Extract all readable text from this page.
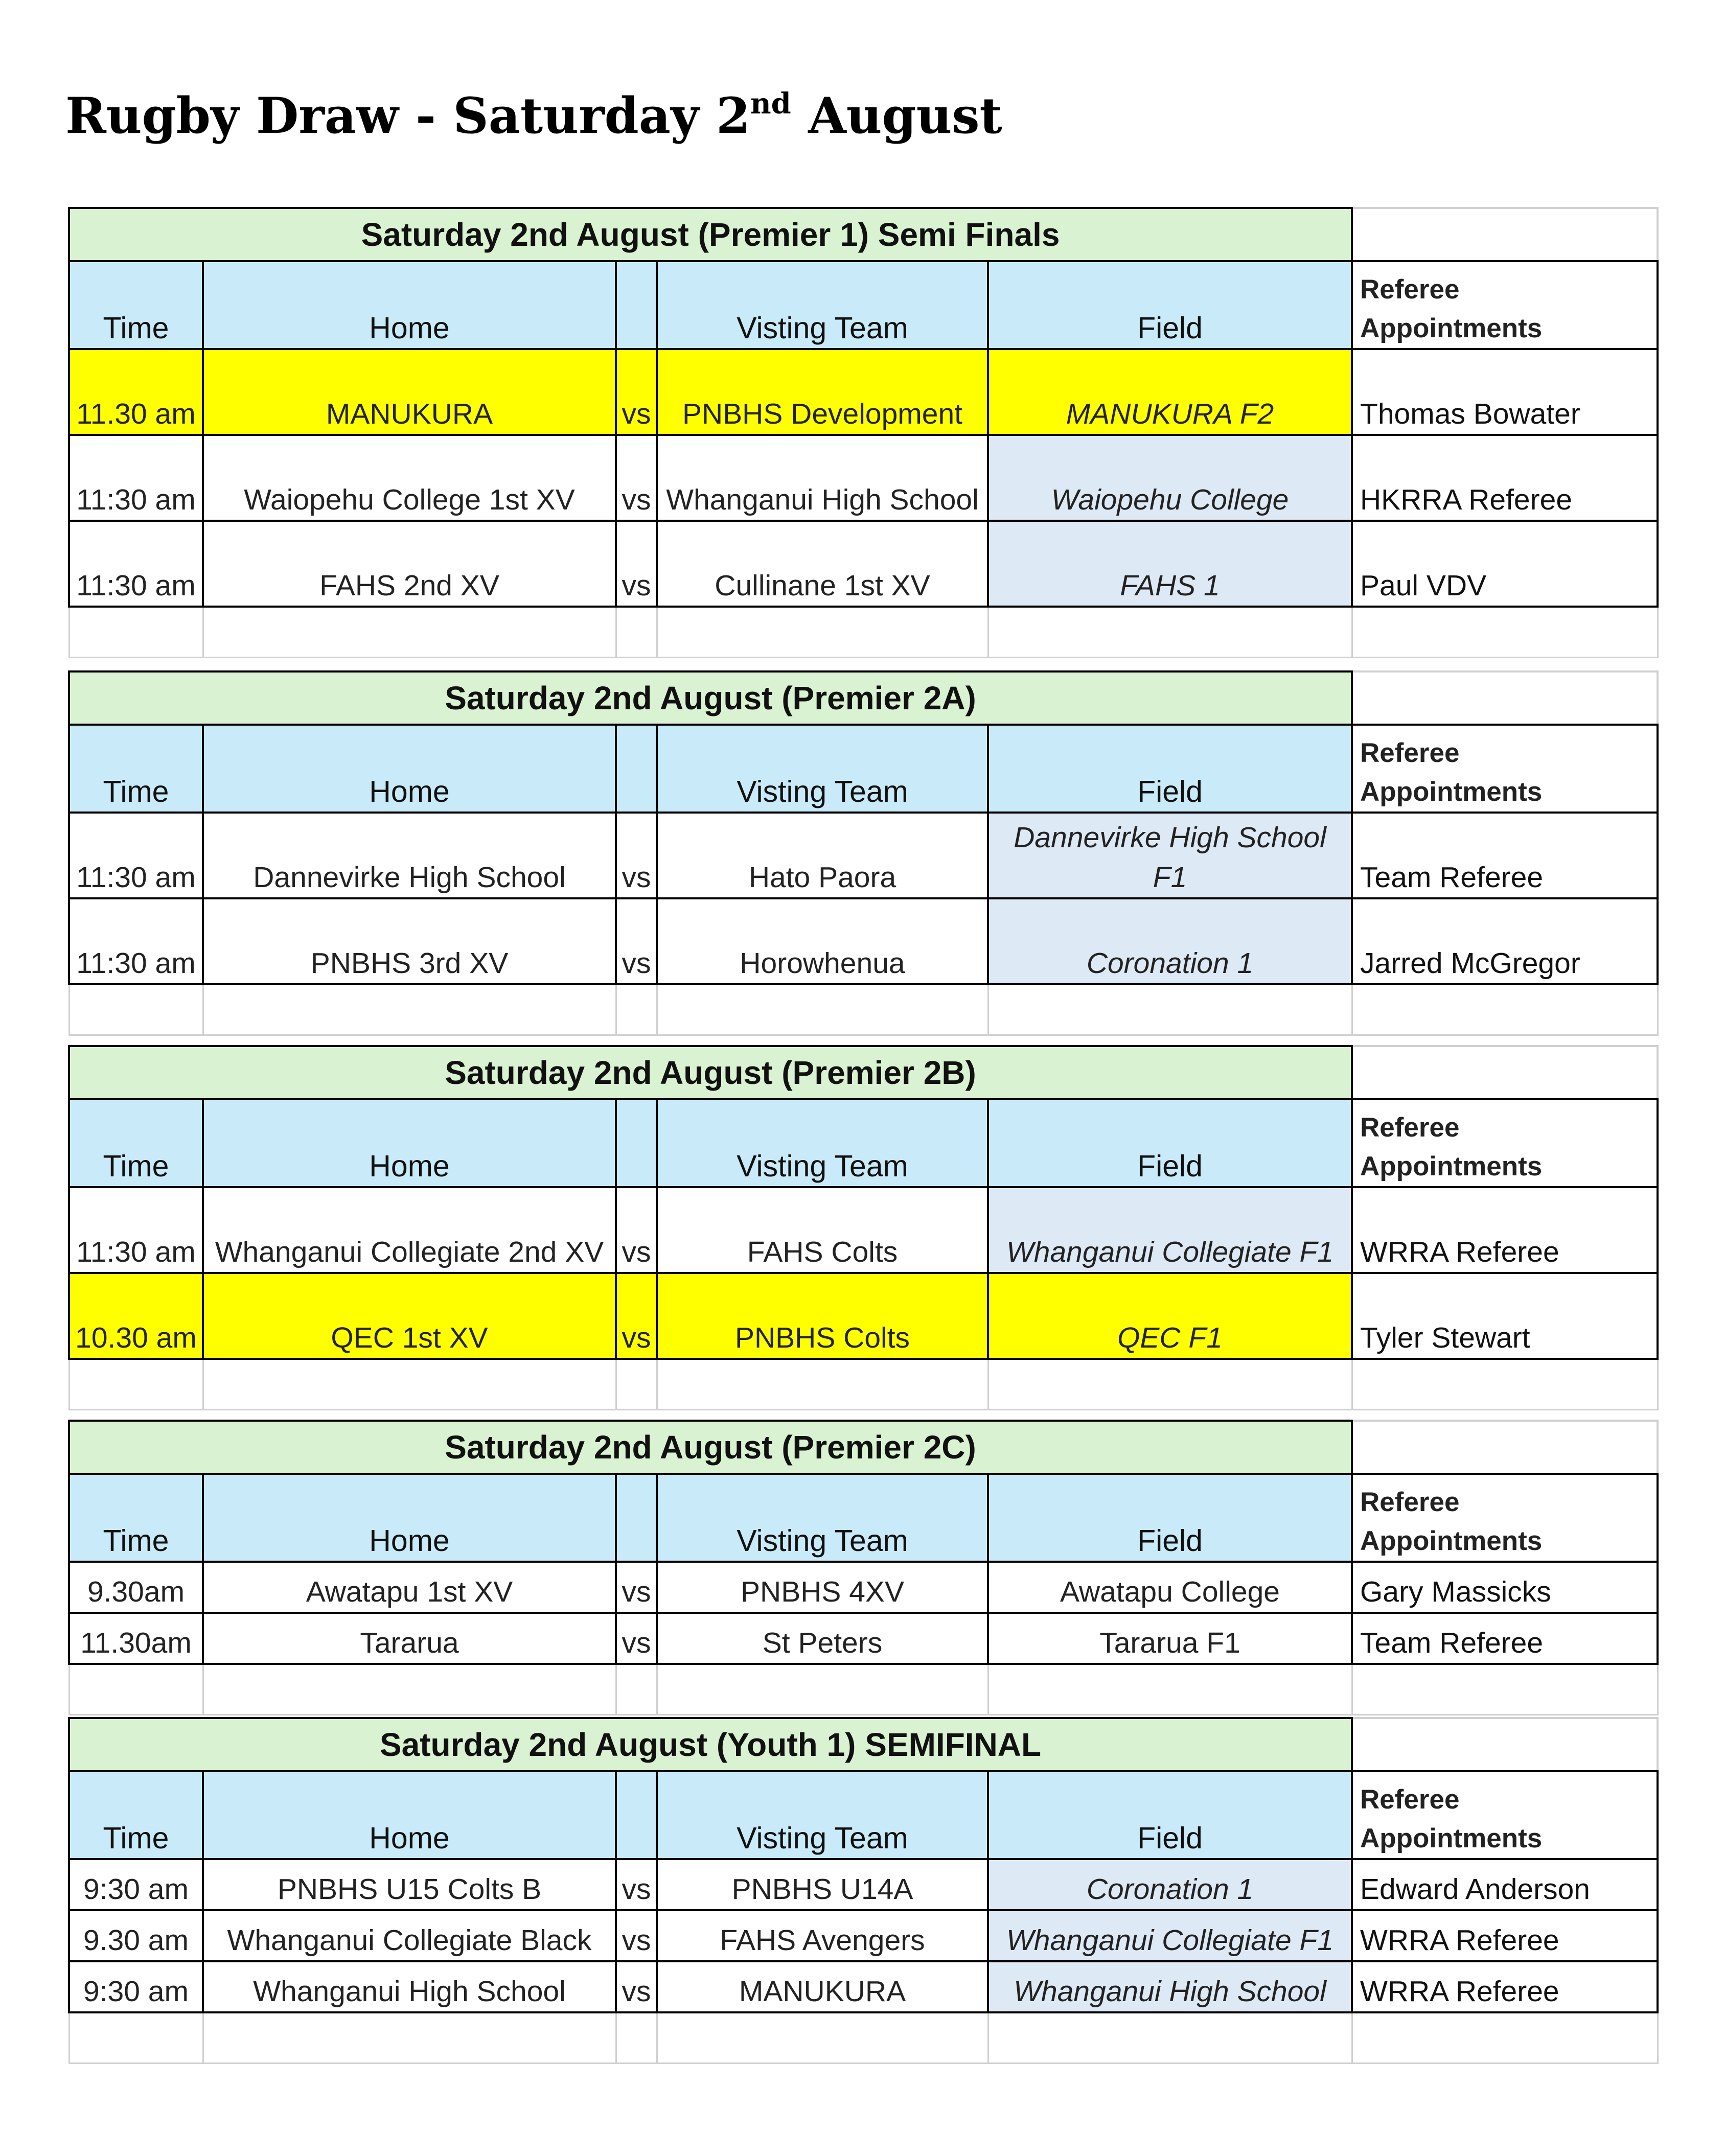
Rugby Draw - Saturday 2nd August
Saturday 2nd August (Premier 1) Semi Finals					
Time	Home		Visting Team	Field	Referee
Appointments
11.30 am	MANUKURA	vs	PNBHS Development	MANUKURA F2	Thomas Bowater
11:30 am	Waiopehu College 1st XV	vs	Whanganui High School	Waiopehu College	HKRRA Referee
11:30 am	FAHS 2nd XV	vs	Cullinane 1st XV	FAHS 1	Paul VDV

Saturday 2nd August (Premier 2A)					
Time	Home		Visting Team	Field	Referee
Appointments
11:30 am	Dannevirke High School	vs	Hato Paora	Dannevirke High School F1	Team Referee
11:30 am	PNBHS 3rd XV	vs	Horowhenua	Coronation 1	Jarred McGregor

Saturday 2nd August (Premier 2B)					
Time	Home		Visting Team	Field	Referee
Appointments
11:30 am	Whanganui Collegiate 2nd XV	vs	FAHS Colts	Whanganui Collegiate F1	WRRA Referee
10.30 am	QEC 1st XV	vs	PNBHS Colts	QEC F1	Tyler Stewart

Saturday 2nd August (Premier 2C)					
Time	Home		Visting Team	Field	Referee
Appointments
9.30am	Awatapu 1st XV	vs	PNBHS 4XV	Awatapu College	Gary Massicks
11.30am	Tararua	vs	St Peters	Tararua F1	Team Referee

Saturday 2nd August (Youth 1) SEMIFINAL					
Time	Home		Visting Team	Field	Referee
Appointments
9:30 am	PNBHS U15 Colts B	vs	PNBHS U14A	Coronation 1	Edward Anderson
9.30 am	Whanganui Collegiate Black	vs	FAHS Avengers	Whanganui Collegiate F1	WRRA Referee
9:30 am	Whanganui High School	vs	MANUKURA	Whanganui High School	WRRA Referee
